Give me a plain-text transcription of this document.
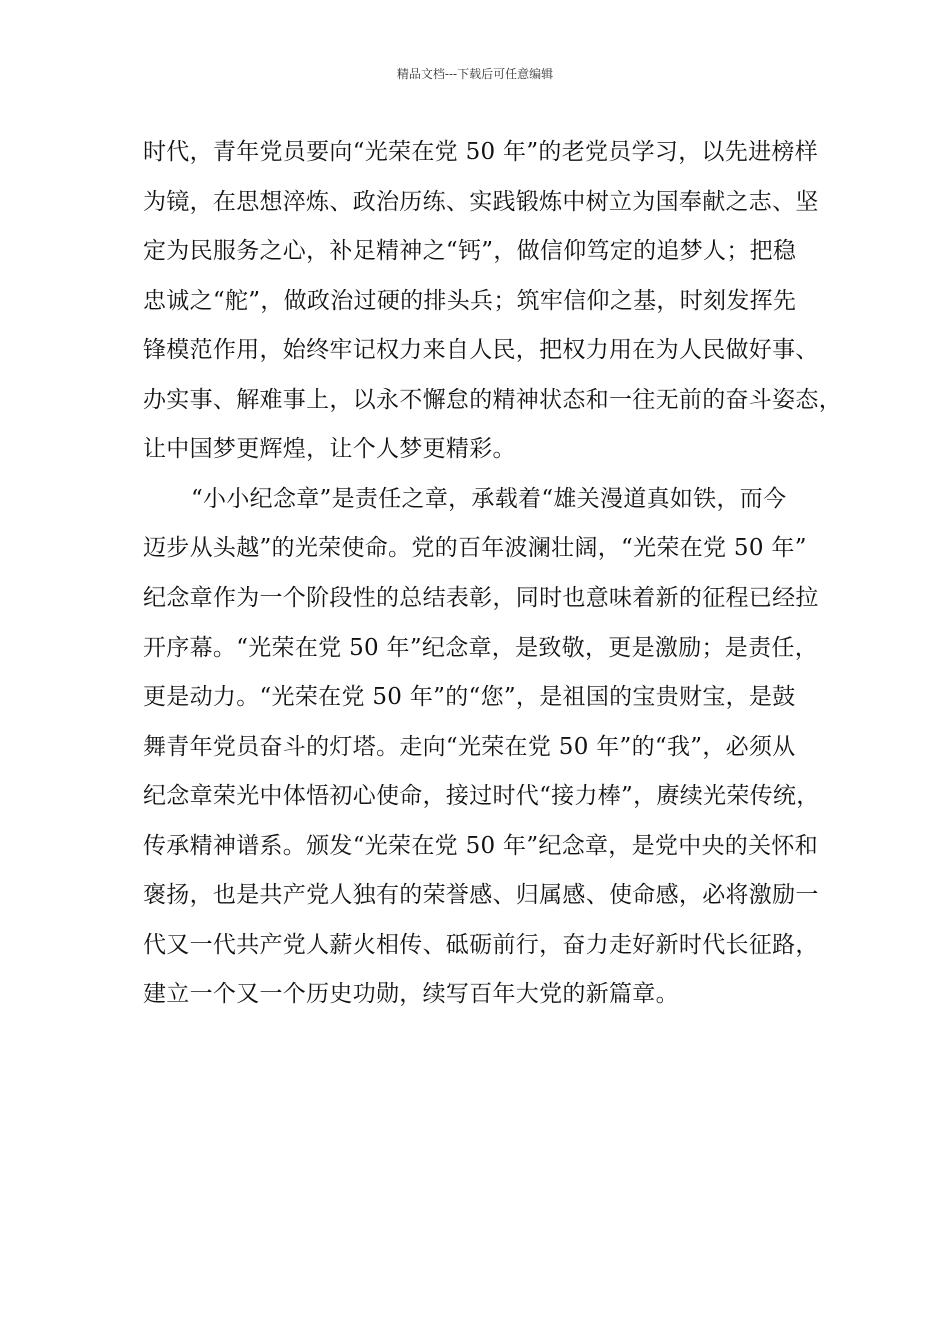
精品文档---下载后可任意编辑
时代，青年党员要向“光荣在党 50 年”的老党员学习，以先进榜样
为镜，在思想淬炼、政治历练、实践锻炼中树立为国奉献之志、坚
定为民服务之心，补足精神之“钙”，做信仰笃定的追梦人；把稳
忠诚之“舵”，做政治过硬的排头兵；筑牢信仰之基，时刻发挥先
锋模范作用，始终牢记权力来自人民，把权力用在为人民做好事、
办实事、解难事上，以永不懈怠的精神状态和一往无前的奋斗姿态，
让中国梦更辉煌，让个人梦更精彩。
“小小纪念章”是责任之章，承载着“雄关漫道真如铁，而今
迈步从头越”的光荣使命。党的百年波澜壮阔，“光荣在党 50 年”
纪念章作为一个阶段性的总结表彰，同时也意味着新的征程已经拉
开序幕。“光荣在党 50 年”纪念章，是致敬，更是激励；是责任，
更是动力。“光荣在党 50 年”的“您”，是祖国的宝贵财宝，是鼓
舞青年党员奋斗的灯塔。走向“光荣在党 50 年”的“我”，必须从
纪念章荣光中体悟初心使命，接过时代“接力棒”，赓续光荣传统，
传承精神谱系。颁发“光荣在党 50 年”纪念章，是党中央的关怀和
褒扬，也是共产党人独有的荣誉感、归属感、使命感，必将激励一
代又一代共产党人薪火相传、砥砺前行，奋力走好新时代长征路，
建立一个又一个历史功勋，续写百年大党的新篇章。
